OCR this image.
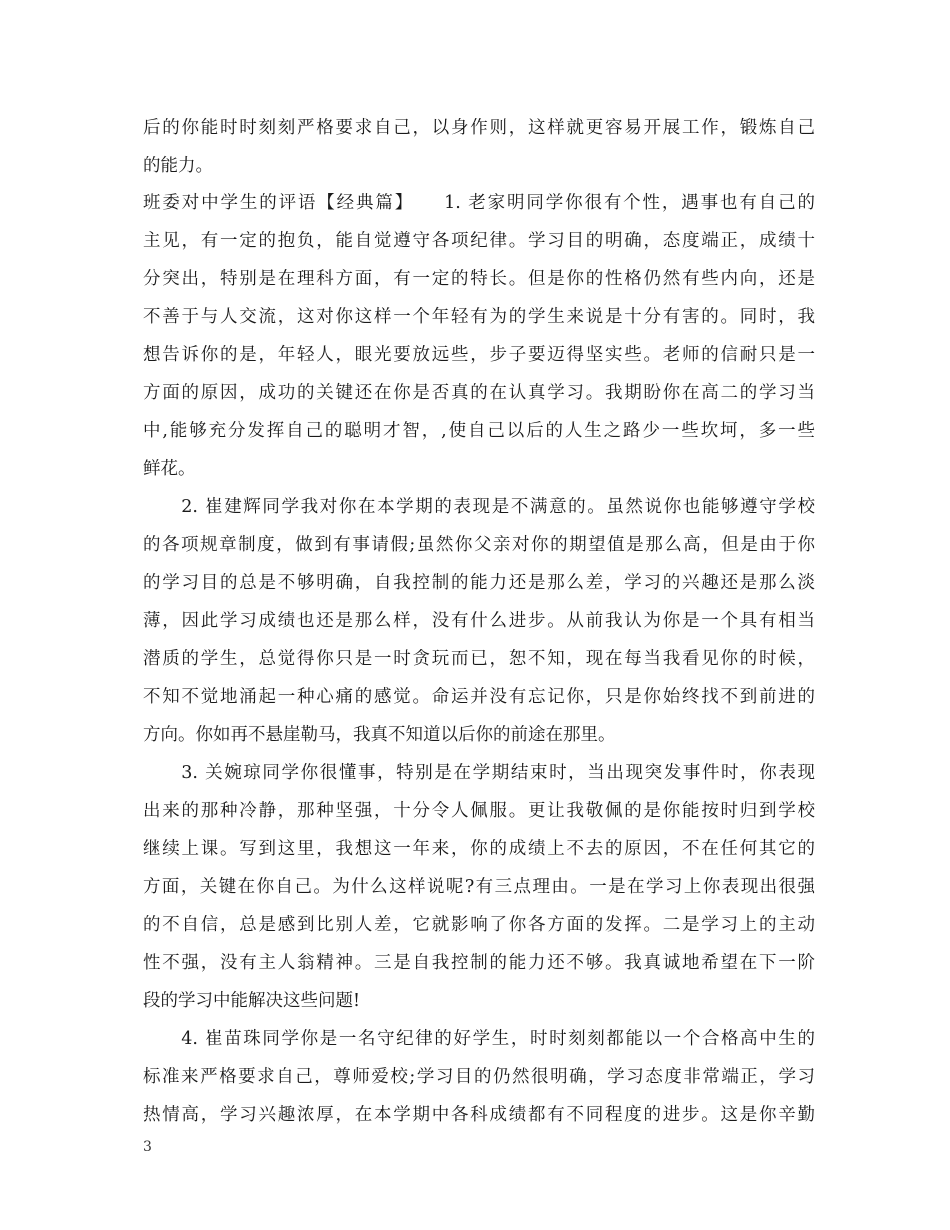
后的你能时时刻刻严格要求自己，以身作则，这样就更容易开展工作，锻炼自己
的能力。
班委对中学生的评语【经典篇】　　1. 老家明同学你很有个性，遇事也有自己的
主见，有一定的抱负，能自觉遵守各项纪律。学习目的明确，态度端正，成绩十
分突出，特别是在理科方面，有一定的特长。但是你的性格仍然有些内向，还是
不善于与人交流，这对你这样一个年轻有为的学生来说是十分有害的。同时，我
想告诉你的是，年轻人，眼光要放远些，步子要迈得坚实些。老师的信耐只是一
方面的原因，成功的关键还在你是否真的在认真学习。我期盼你在高二的学习当
中,能够充分发挥自己的聪明才智，,使自己以后的人生之路少一些坎坷，多一些
鲜花。
　　2. 崔建辉同学我对你在本学期的表现是不满意的。虽然说你也能够遵守学校
的各项规章制度，做到有事请假;虽然你父亲对你的期望值是那么高，但是由于你
的学习目的总是不够明确，自我控制的能力还是那么差，学习的兴趣还是那么淡
薄，因此学习成绩也还是那么样，没有什么进步。从前我认为你是一个具有相当
潜质的学生，总觉得你只是一时贪玩而已，恕不知，现在每当我看见你的时候，
不知不觉地涌起一种心痛的感觉。命运并没有忘记你，只是你始终找不到前进的
方向。你如再不悬崖勒马，我真不知道以后你的前途在那里。
　　3. 关婉琼同学你很懂事，特别是在学期结束时，当出现突发事件时，你表现
出来的那种冷静，那种坚强，十分令人佩服。更让我敬佩的是你能按时归到学校
继续上课。写到这里，我想这一年来，你的成绩上不去的原因，不在任何其它的
方面，关键在你自己。为什么这样说呢?有三点理由。一是在学习上你表现出很强
的不自信，总是感到比别人差，它就影响了你各方面的发挥。二是学习上的主动
性不强，没有主人翁精神。三是自我控制的能力还不够。我真诚地希望在下一阶
段的学习中能解决这些问题!
　　4. 崔苗珠同学你是一名守纪律的好学生，时时刻刻都能以一个合格高中生的
标准来严格要求自己，尊师爱校;学习目的仍然很明确，学习态度非常端正，学习
热情高，学习兴趣浓厚，在本学期中各科成绩都有不同程度的进步。这是你辛勤
3
